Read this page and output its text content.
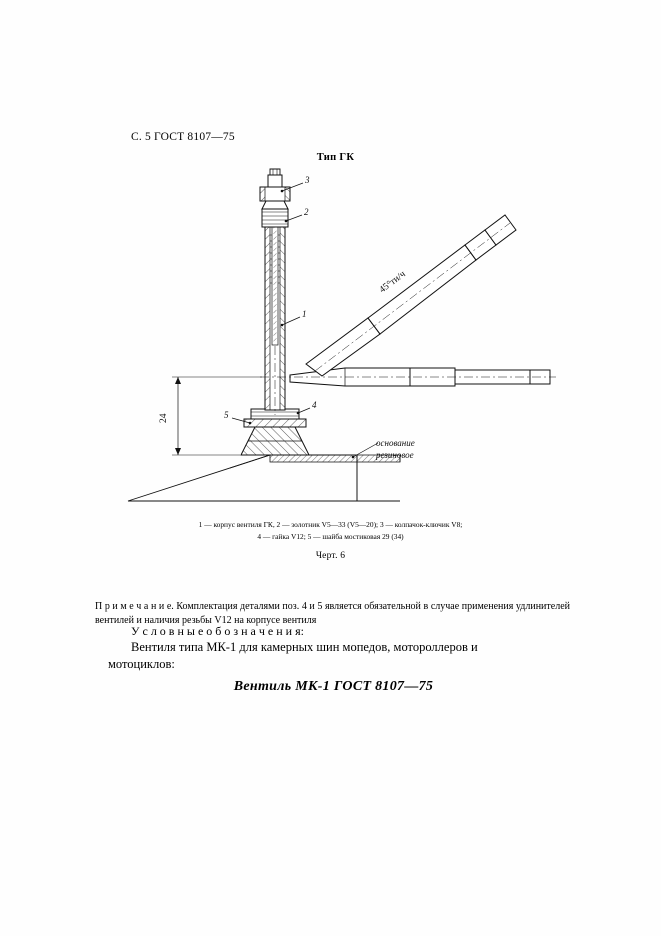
С. 5 ГОСТ 8107—75
Тип ГК
3
2
1
5
4
24
45°ти/ч
основание
резиновое
1 — корпус вентиля ГК, 2 — золотник V5—33 (V5—20); 3 — колпачок-ключик V8;
4 — гайка V12; 5 — шайба мостиковая 29 (34)
Черт. 6
П р и м е ч а н и е. Комплектация деталями поз. 4 и 5 является обязательной в случае применения удлинителей вентилей и наличия резьбы V12 на корпусе вентиля
У с л о в н ы е о б о з н а ч е н и я:
Вентиля типа МК-1 для камерных шин мопедов, мотороллеров и
мотоциклов:
Вентиль МК-1 ГОСТ 8107—75
